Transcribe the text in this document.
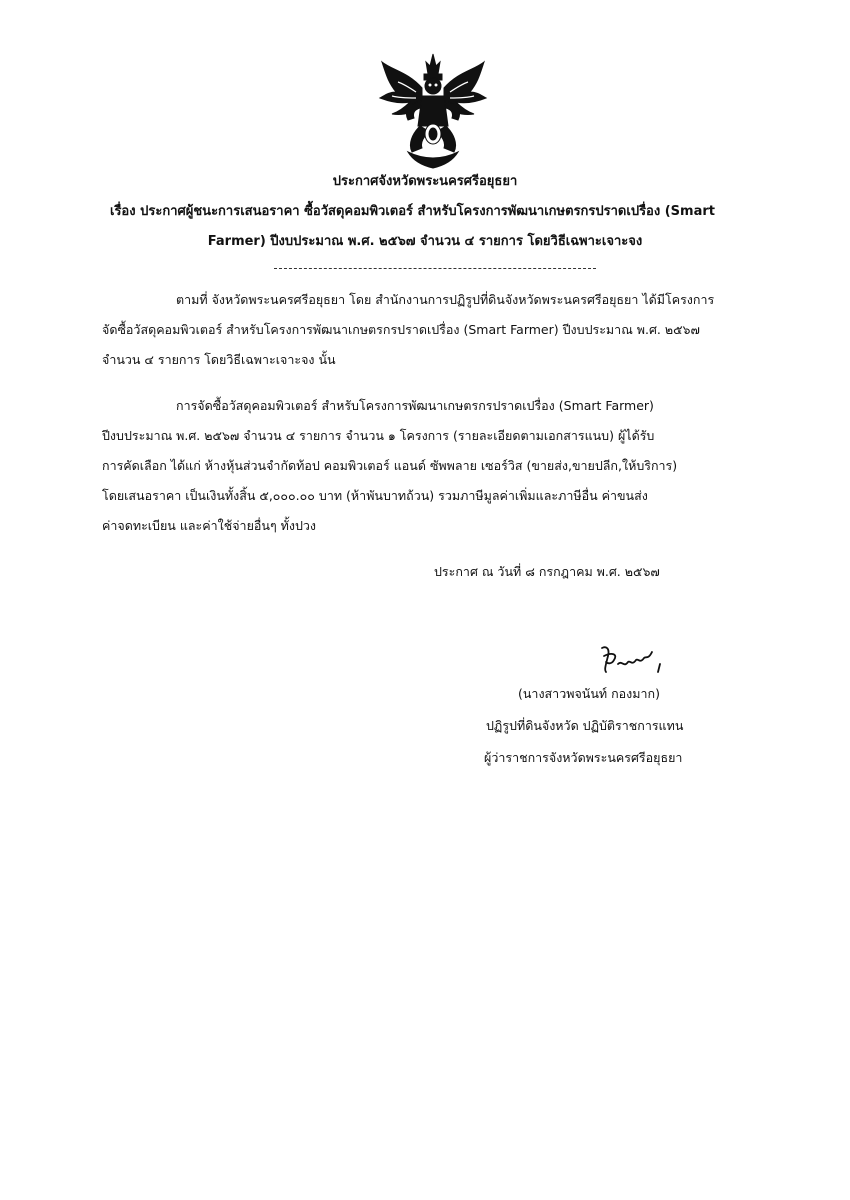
ประกาศจังหวัดพระนครศรีอยุธยา
เรื่อง ประกาศผู้ชนะการเสนอราคา ซื้อวัสดุคอมพิวเตอร์ สำหรับโครงการพัฒนาเกษตรกรปราดเปรื่อง (Smart
Farmer) ปีงบประมาณ พ.ศ. ๒๕๖๗ จำนวน ๔ รายการ โดยวิธีเฉพาะเจาะจง
ตามที่ จังหวัดพระนครศรีอยุธยา โดย สำนักงานการปฏิรูปที่ดินจังหวัดพระนครศรีอยุธยา ได้มีโครงการ
จัดซื้อวัสดุคอมพิวเตอร์ สำหรับโครงการพัฒนาเกษตรกรปราดเปรื่อง (Smart Farmer) ปีงบประมาณ พ.ศ. ๒๕๖๗
จำนวน ๔ รายการ โดยวิธีเฉพาะเจาะจง นั้น
การจัดซื้อวัสดุคอมพิวเตอร์ สำหรับโครงการพัฒนาเกษตรกรปราดเปรื่อง (Smart Farmer)
ปีงบประมาณ พ.ศ. ๒๕๖๗ จำนวน ๔ รายการ จำนวน ๑ โครงการ (รายละเอียดตามเอกสารแนบ) ผู้ได้รับ
การคัดเลือก ได้แก่ ห้างหุ้นส่วนจำกัดท้อป คอมพิวเตอร์ แอนด์ ซัพพลาย เซอร์วิส (ขายส่ง,ขายปลีก,ให้บริการ)
โดยเสนอราคา เป็นเงินทั้งสิ้น ๕,๐๐๐.๐๐ บาท (ห้าพันบาทถ้วน) รวมภาษีมูลค่าเพิ่มและภาษีอื่น ค่าขนส่ง
ค่าจดทะเบียน และค่าใช้จ่ายอื่นๆ ทั้งปวง
ประกาศ ณ วันที่ ๘ กรกฎาคม พ.ศ. ๒๕๖๗
(นางสาวพจนันท์ กองมาก)
ปฏิรูปที่ดินจังหวัด ปฏิบัติราชการแทน
ผู้ว่าราชการจังหวัดพระนครศรีอยุธยา
